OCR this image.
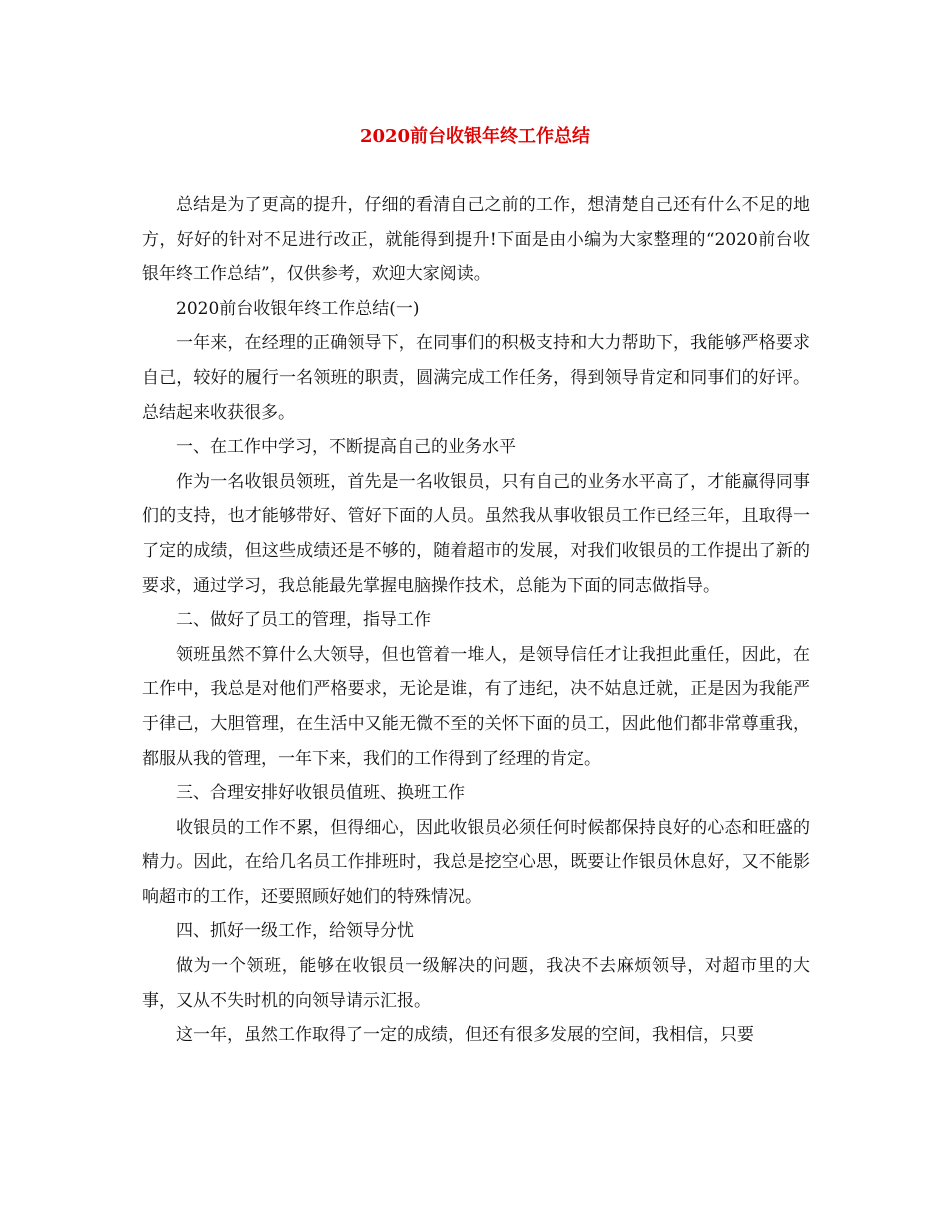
2020前台收银年终工作总结

总结是为了更高的提升，仔细的看清自己之前的工作，想清楚自己还有什么不足的地方，好好的针对不足进行改正，就能得到提升!下面是由小编为大家整理的“2020前台收银年终工作总结”，仅供参考，欢迎大家阅读。

2020前台收银年终工作总结(一)

一年来，在经理的正确领导下，在同事们的积极支持和大力帮助下，我能够严格要求自己，较好的履行一名领班的职责，圆满完成工作任务，得到领导肯定和同事们的好评。总结起来收获很多。

一、在工作中学习，不断提高自己的业务水平

作为一名收银员领班，首先是一名收银员，只有自己的业务水平高了，才能赢得同事们的支持，也才能够带好、管好下面的人员。虽然我从事收银员工作已经三年，且取得一了定的成绩，但这些成绩还是不够的，随着超市的发展，对我们收银员的工作提出了新的要求，通过学习，我总能最先掌握电脑操作技术，总能为下面的同志做指导。

二、做好了员工的管理，指导工作

领班虽然不算什么大领导，但也管着一堆人，是领导信任才让我担此重任，因此，在工作中，我总是对他们严格要求，无论是谁，有了违纪，决不姑息迁就，正是因为我能严于律己，大胆管理，在生活中又能无微不至的关怀下面的员工，因此他们都非常尊重我，都服从我的管理，一年下来，我们的工作得到了经理的肯定。

三、合理安排好收银员值班、换班工作

收银员的工作不累，但得细心，因此收银员必须任何时候都保持良好的心态和旺盛的精力。因此，在给几名员工作排班时，我总是挖空心思，既要让作银员休息好，又不能影响超市的工作，还要照顾好她们的特殊情况。

四、抓好一级工作，给领导分忧

做为一个领班，能够在收银员一级解决的问题，我决不去麻烦领导，对超市里的大事，又从不失时机的向领导请示汇报。

这一年，虽然工作取得了一定的成绩，但还有很多发展的空间，我相信，只要
